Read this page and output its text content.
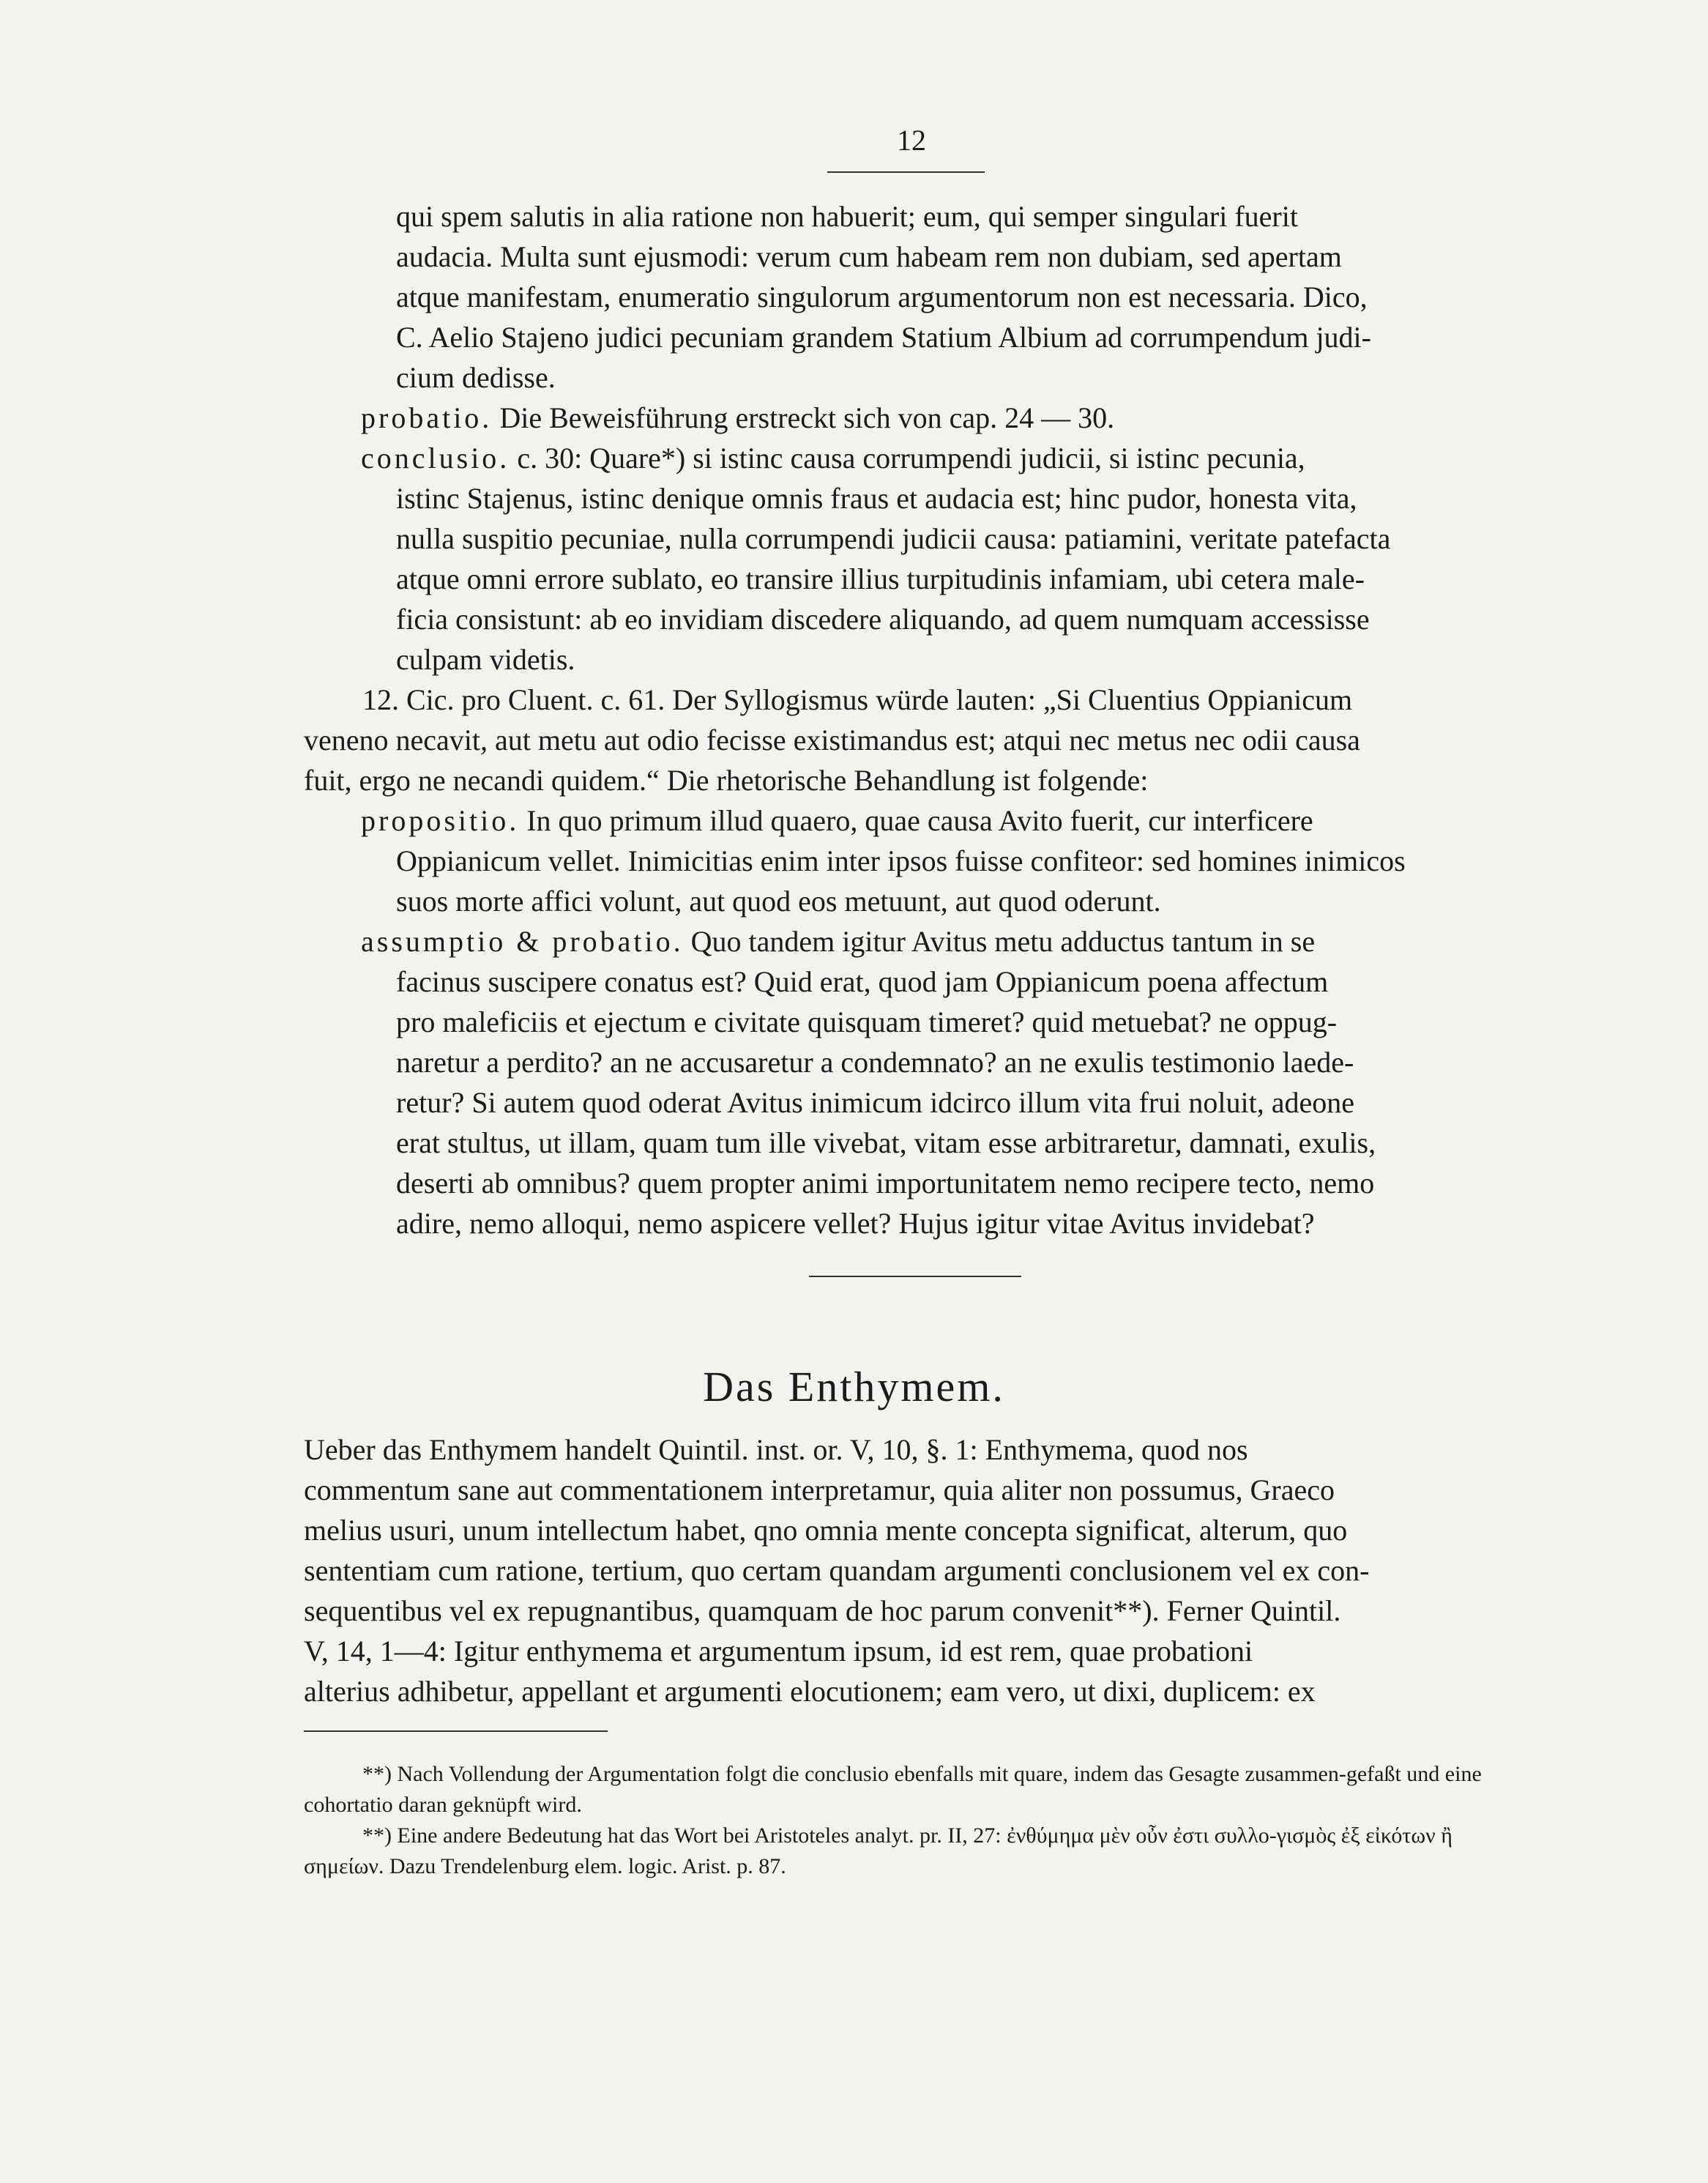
12
qui spem salutis in alia ratione non habuerit; eum, qui semper singulari fuerit
audacia. Multa sunt ejusmodi: verum cum habeam rem non dubiam, sed apertam
atque manifestam, enumeratio singulorum argumentorum non est necessaria. Dico,
C. Aelio Stajeno judici pecuniam grandem Statium Albium ad corrumpendum judi-
cium dedisse.
probatio. Die Beweisführung erstreckt sich von cap. 24 — 30.
conclusio. c. 30: Quare*) si istinc causa corrumpendi judicii, si istinc pecunia,
istinc Stajenus, istinc denique omnis fraus et audacia est; hinc pudor, honesta vita,
nulla suspitio pecuniae, nulla corrumpendi judicii causa: patiamini, veritate patefacta
atque omni errore sublato, eo transire illius turpitudinis infamiam, ubi cetera male-
ficia consistunt: ab eo invidiam discedere aliquando, ad quem numquam accessisse
culpam videtis.
12. Cic. pro Cluent. c. 61. Der Syllogismus würde lauten: „Si Cluentius Oppianicum
veneno necavit, aut metu aut odio fecisse existimandus est; atqui nec metus nec odii causa
fuit, ergo ne necandi quidem.“ Die rhetorische Behandlung ist folgende:
propositio. In quo primum illud quaero, quae causa Avito fuerit, cur interficere
Oppianicum vellet. Inimicitias enim inter ipsos fuisse confiteor: sed homines inimicos
suos morte affici volunt, aut quod eos metuunt, aut quod oderunt.
assumptio & probatio. Quo tandem igitur Avitus metu adductus tantum in se
facinus suscipere conatus est? Quid erat, quod jam Oppianicum poena affectum
pro maleficiis et ejectum e civitate quisquam timeret? quid metuebat? ne oppug-
naretur a perdito? an ne accusaretur a condemnato? an ne exulis testimonio laede-
retur? Si autem quod oderat Avitus inimicum idcirco illum vita frui noluit, adeone
erat stultus, ut illam, quam tum ille vivebat, vitam esse arbitraretur, damnati, exulis,
deserti ab omnibus? quem propter animi importunitatem nemo recipere tecto, nemo
adire, nemo alloqui, nemo aspicere vellet? Hujus igitur vitae Avitus invidebat?
Das Enthymem.
Ueber das Enthymem handelt Quintil. inst. or. V, 10, §. 1: Enthymema, quod nos
commentum sane aut commentationem interpretamur, quia aliter non possumus, Graeco
melius usuri, unum intellectum habet, qno omnia mente concepta significat, alterum, quo
sententiam cum ratione, tertium, quo certam quandam argumenti conclusionem vel ex con-
sequentibus vel ex repugnantibus, quamquam de hoc parum convenit**). Ferner Quintil.
V, 14, 1—4: Igitur enthymema et argumentum ipsum, id est rem, quae probationi
alterius adhibetur, appellant et argumenti elocutionem; eam vero, ut dixi, duplicem: ex

**) Nach Vollendung der Argumentation folgt die conclusio ebenfalls mit quare, indem das Gesagte zusammen-gefaßt und eine cohortatio daran geknüpft wird.

**) Eine andere Bedeutung hat das Wort bei Aristoteles analyt. pr. II, 27: ἐνθύμημα μὲν οὖν ἐστι συλλο-γισμὸς ἐξ εἰκότων ἢ σημείων. Dazu Trendelenburg elem. logic. Arist. p. 87.
